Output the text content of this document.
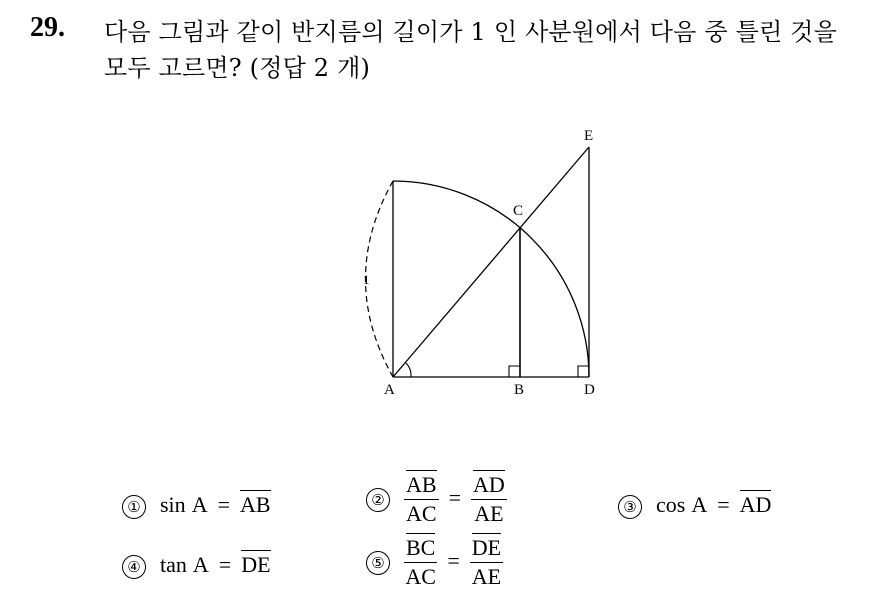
29. 다음 그림과 같이 반지름의 길이가 1 인 사분원에서 다음 중 틀린 것을
모두 고르면? (정답 2 개)
A	B	D
C
E
1
① sin A = AB	② $\frac{AB}{AC} = \frac{AD}{AE}$	③ cos A = AD
④ tan A = DE	⑤ $\frac{BC}{AC} = \frac{DE}{AE}$
